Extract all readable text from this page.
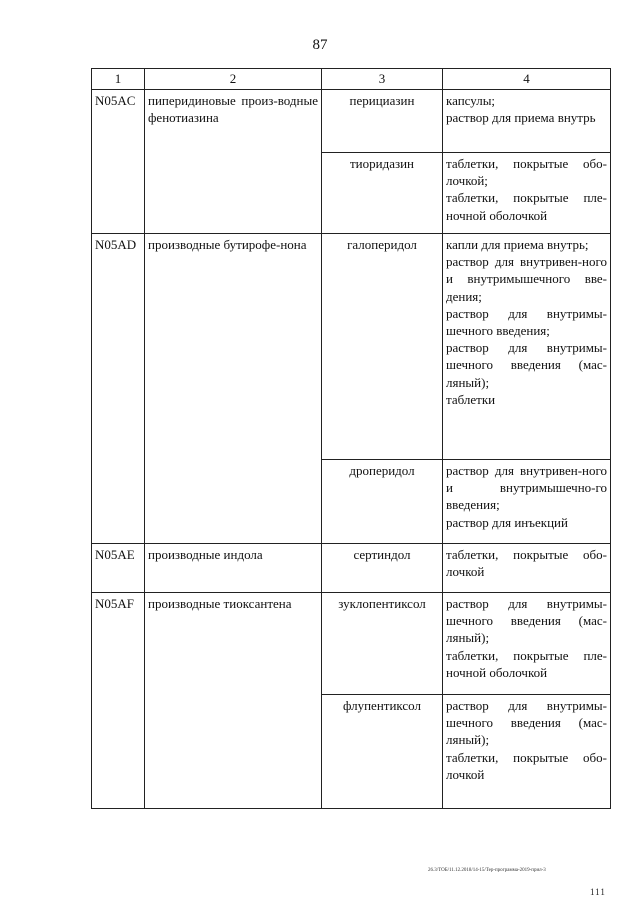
87
1	2	3	4
N05AC	пиперидиновые произ-водные фенотиазина	перициазин	капсулы;
раствор для приема внутрь

		тиоридазин	таблетки, покрытые обо-лочкой;
таблетки, покрытые пле-ночной оболочкой

N05AD	производные бутирофе-нона	галоперидол	капли для приема внутрь;
раствор для внутривен-ного и внутримышечного вве-дения;
раствор для внутримы-шечного введения;
раствор для внутримы-шечного введения (мас-ляный);
таблетки

		дроперидол	раствор для внутривен-ного и внутримышечно-го введения;
раствор для инъекций

N05AE	производные индола	сертиндол	таблетки, покрытые обо-лочкой

N05AF	производные тиоксантена	зуклопентиксол	раствор для внутримы-шечного введения (мас-ляный);
таблетки, покрытые пле-ночной оболочкой

		флупентиксол	раствор для внутримы-шечного введения (мас-ляный);
таблетки, покрытые обо-лочкой
26.3/ТОБ/11.12.2018/14-15/Тер-программа-2019-прил-3
111
